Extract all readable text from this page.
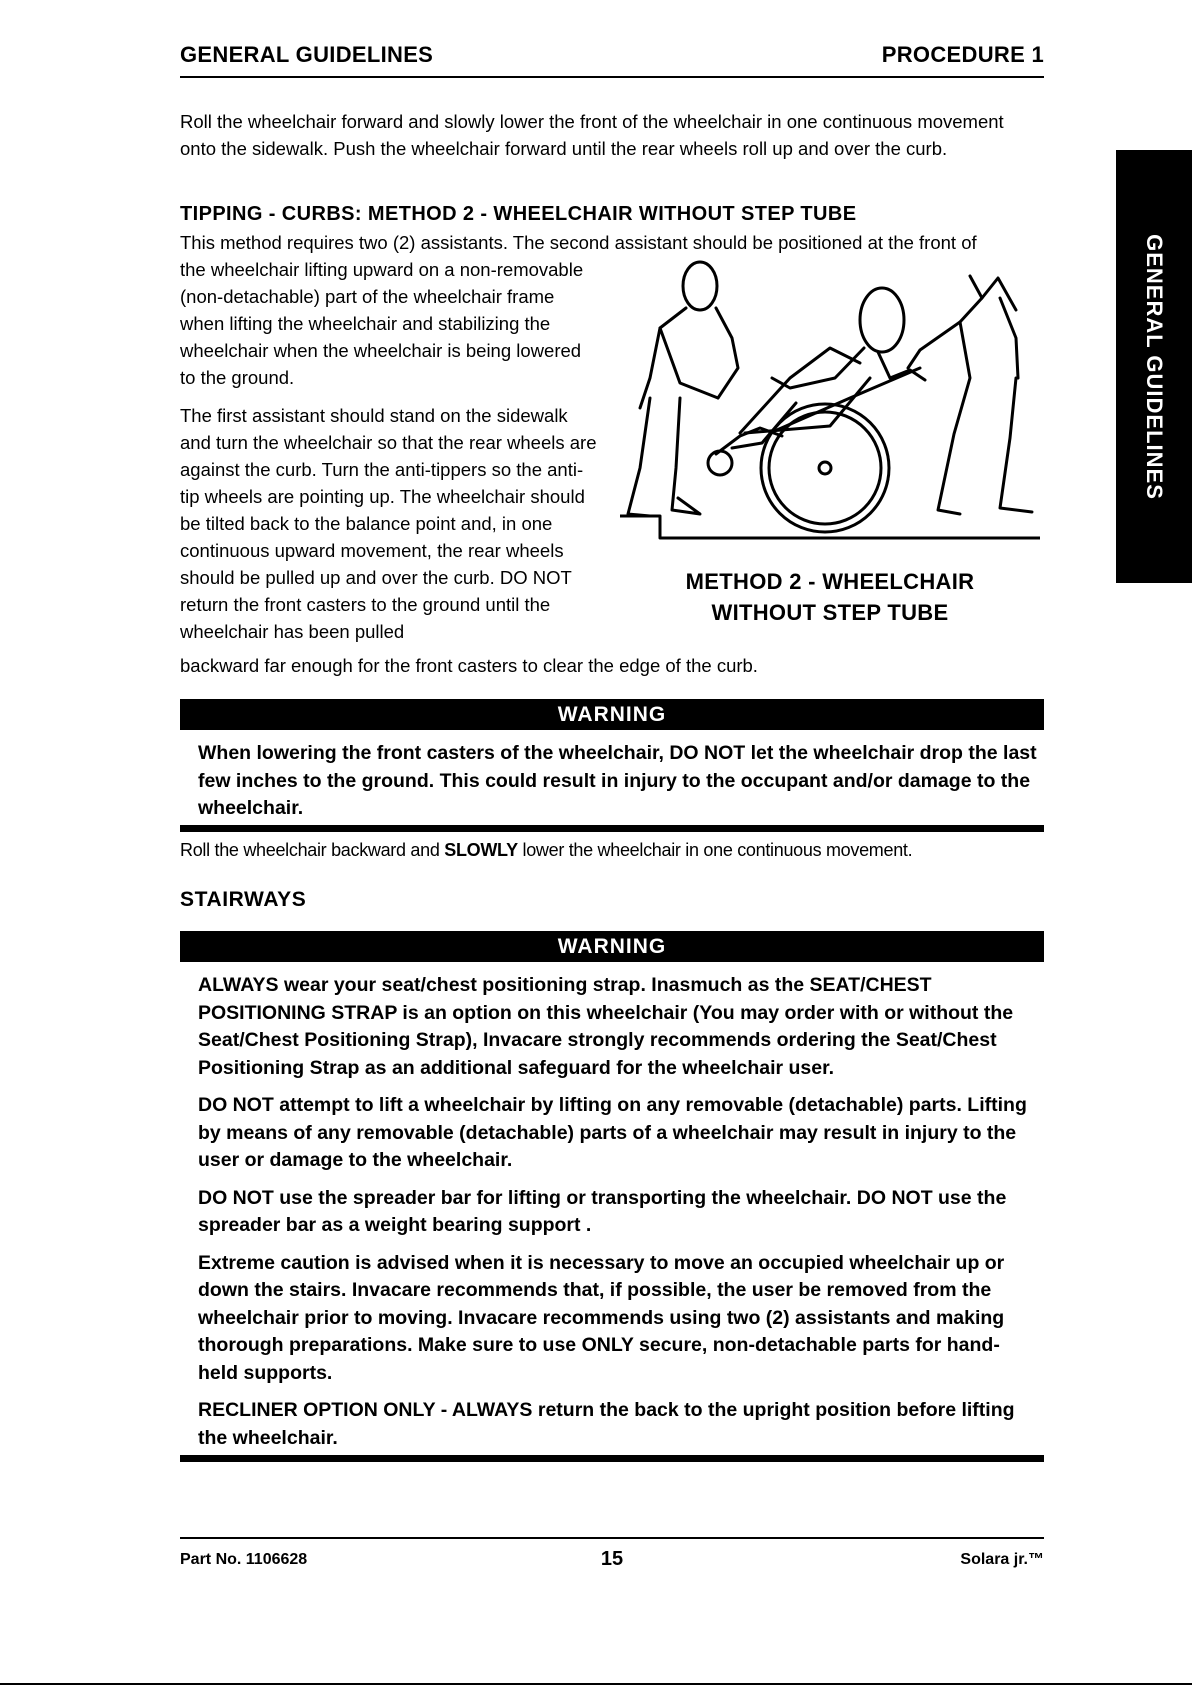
GENERAL GUIDELINES	PROCEDURE 1
GENERAL GUIDELINES
Roll the wheelchair forward and slowly lower the front of the wheelchair in one continuous movement onto the sidewalk. Push the wheelchair forward until the rear wheels roll up and over the curb.
TIPPING - CURBS: METHOD 2 - WHEELCHAIR WITHOUT STEP TUBE
This method requires two (2) assistants. The second assistant should be positioned at the front of

the wheelchair lifting upward on a non-removable (non-detachable) part of the wheelchair frame when lifting the wheelchair and stabilizing the wheelchair when the wheelchair is being lowered to the ground.

The first assistant should stand on the sidewalk and turn the wheelchair so that the rear wheels are against the curb. Turn the anti-tippers so the anti-tip wheels are pointing up. The wheelchair should be tilted back to the balance point and, in one continuous upward movement, the rear wheels should be pulled up and over the curb. DO NOT return the front casters to the ground until the wheelchair has been pulled

METHOD 2 - WHEELCHAIR
WITHOUT STEP TUBE
backward far enough for the front casters to clear the edge of the curb.
WARNING

When lowering the front casters of the wheelchair, DO NOT let the wheelchair drop the last few inches to the ground. This could result in injury to the occupant and/or damage to the wheelchair.

Roll the wheelchair backward and SLOWLY lower the wheelchair in one continuous movement.
STAIRWAYS
WARNING

ALWAYS wear your seat/chest positioning strap. Inasmuch as the SEAT/CHEST POSITIONING STRAP is an option on this wheelchair (You may order with or without the Seat/Chest Positioning Strap), Invacare strongly recommends ordering the Seat/Chest Positioning Strap as an additional safeguard for the wheelchair user.

DO NOT attempt to lift a wheelchair by lifting on any removable (detachable) parts. Lifting by means of any removable (detachable) parts of a wheelchair may result in injury to the user or damage to the wheelchair.

DO NOT use the spreader bar for lifting or transporting the wheelchair. DO NOT use the spreader bar as a weight bearing support .

Extreme caution is advised when it is necessary to move an occupied wheelchair up or down the stairs. Invacare recommends that, if possible, the user be removed from the wheelchair prior to moving. Invacare recommends using two (2) assistants and making thorough preparations. Make sure to use ONLY secure, non-detachable parts for hand-held supports.

RECLINER OPTION ONLY - ALWAYS return the back to the upright position before lifting the wheelchair.

Part No. 1106628	15	Solara jr.™
